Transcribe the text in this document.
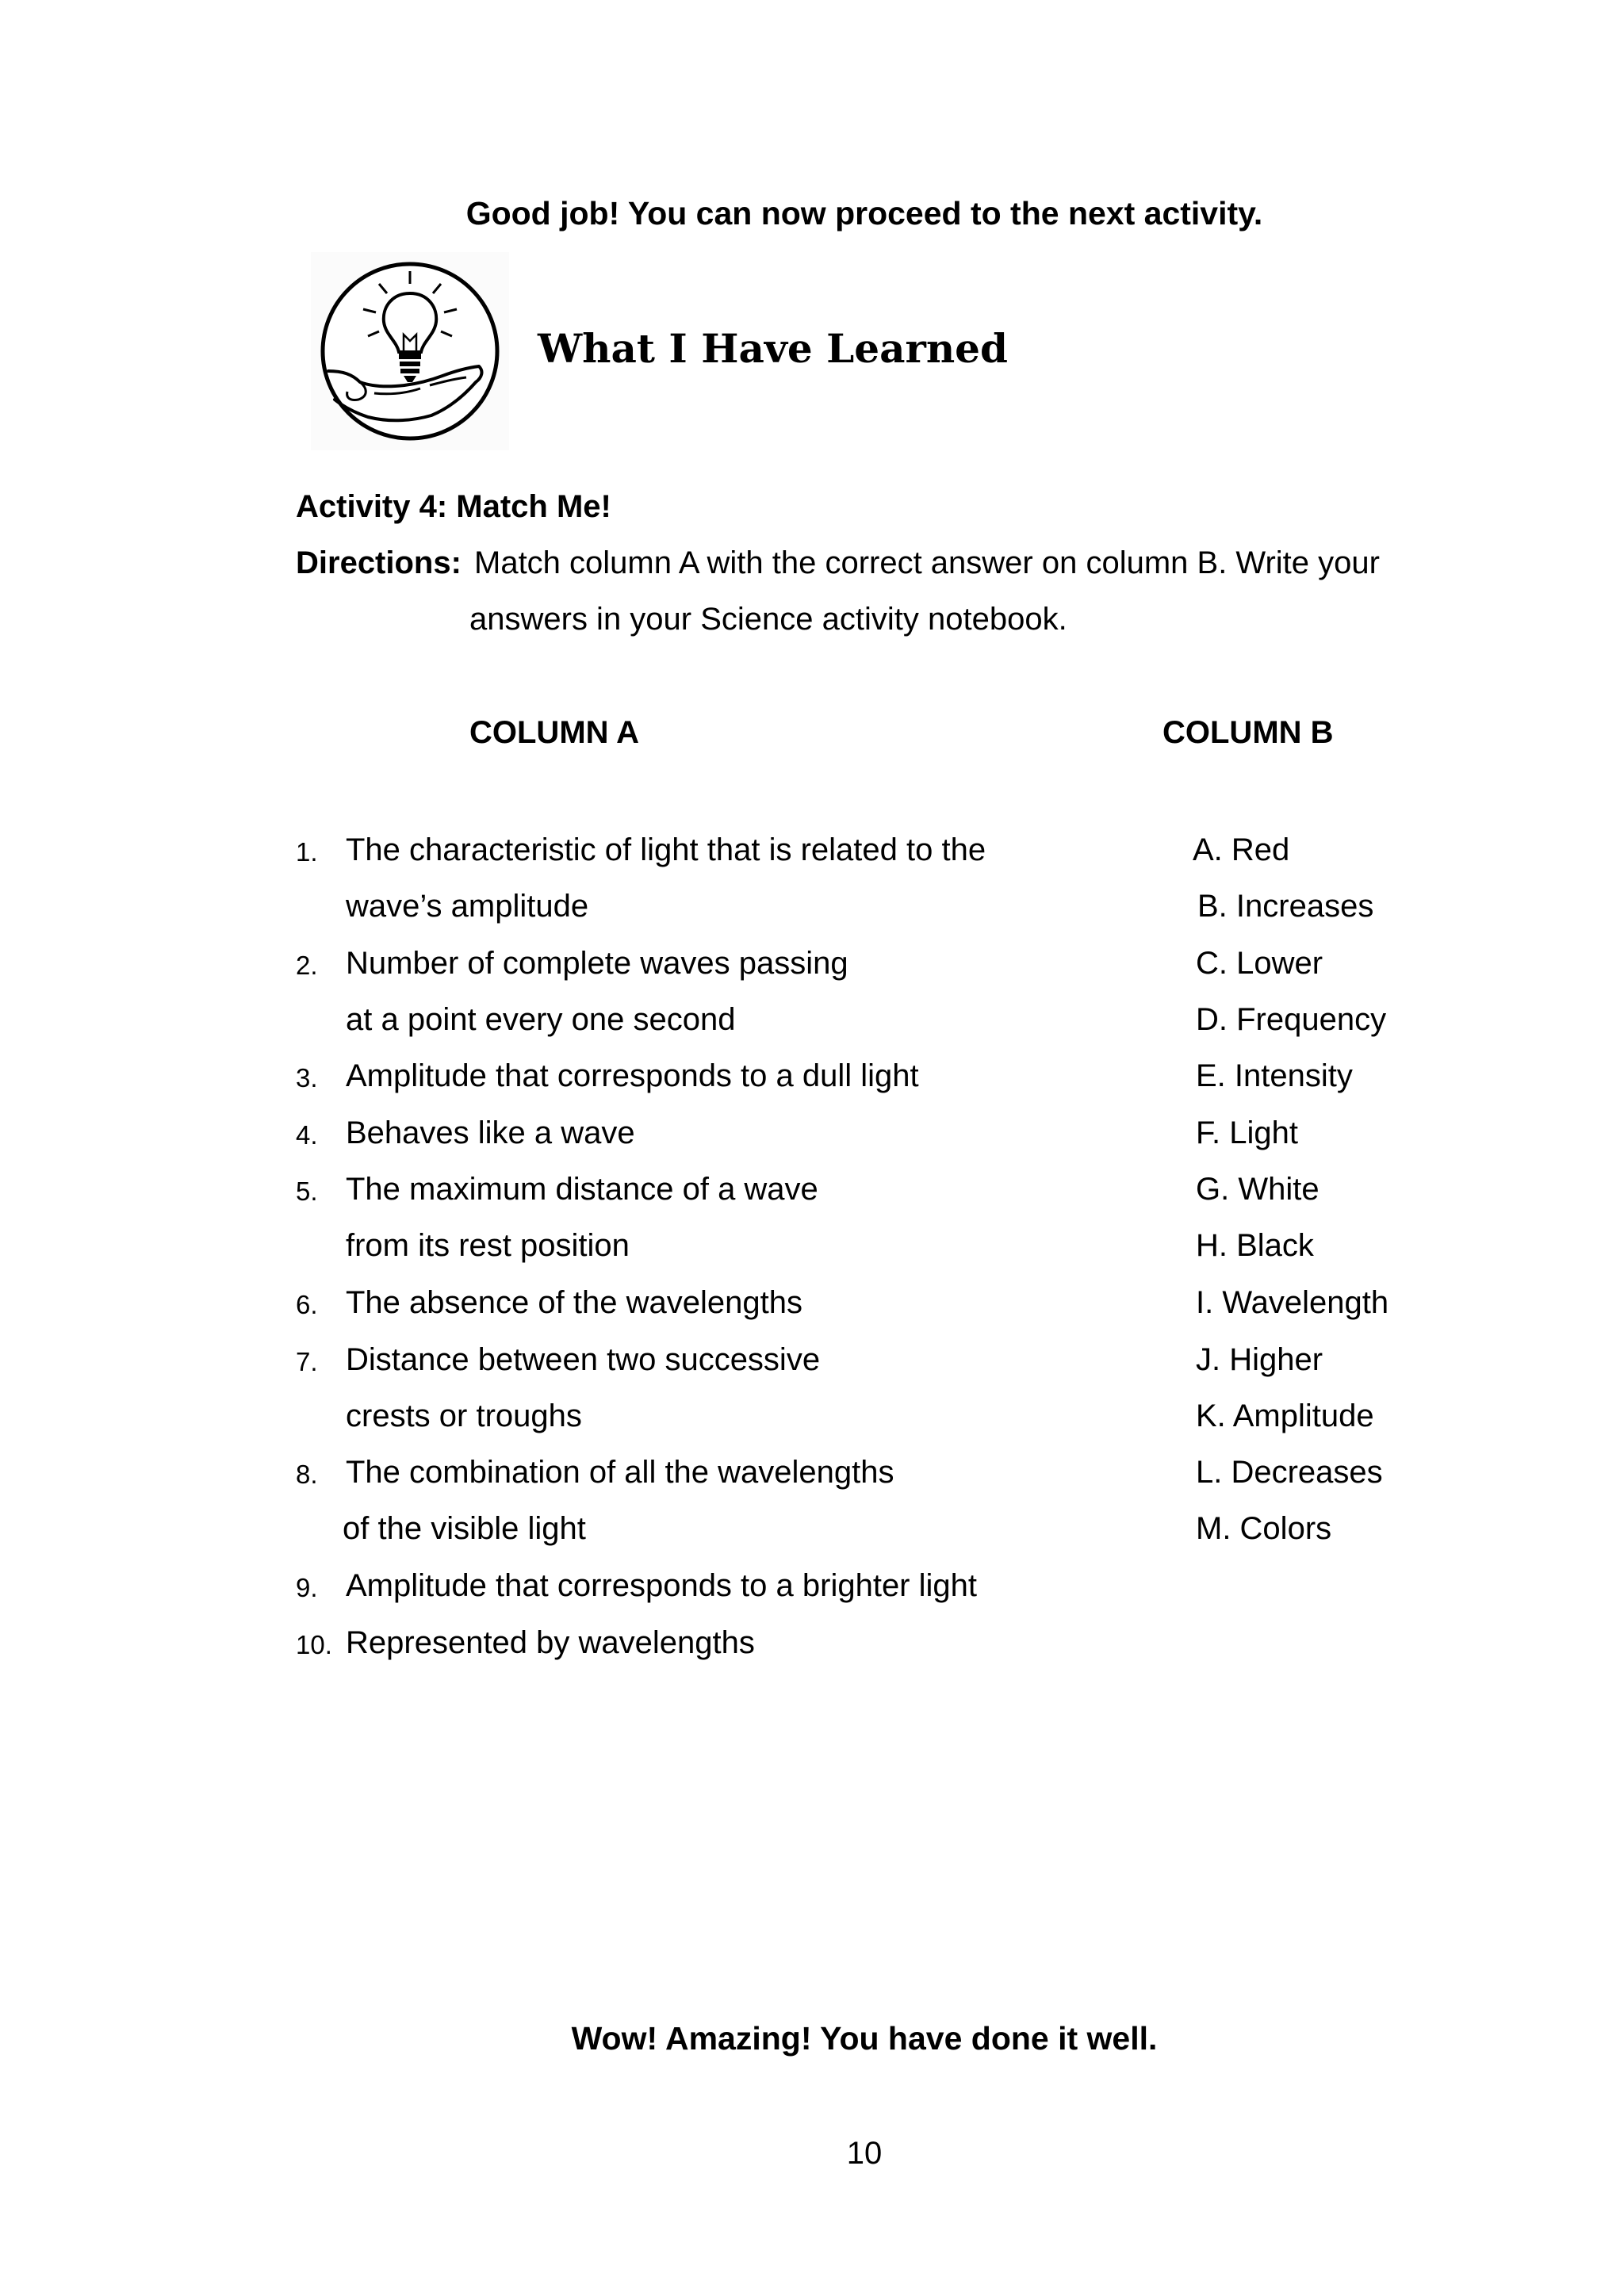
Good job! You can now proceed to the next activity.
What I Have Learned
Activity 4: Match Me!
Directions: Match column A with the correct answer on column B. Write your
answers in your Science activity notebook.
COLUMN A	COLUMN B
1. The characteristic of light that is related to the
wave’s amplitude
2. Number of complete waves passing
at a point every one second
3. Amplitude that corresponds to a dull light
4. Behaves like a wave
5. The maximum distance of a wave
from its rest position
6. The absence of the wavelengths
7. Distance between two successive
crests or troughs
8. The combination of all the wavelengths
of the visible light
9. Amplitude that corresponds to a brighter light
10. Represented by wavelengths
A. Red
B. Increases
C. Lower
D. Frequency
E. Intensity
F. Light
G. White
H. Black
I. Wavelength
J. Higher
K. Amplitude
L. Decreases
M. Colors
Wow! Amazing! You have done it well.
10
